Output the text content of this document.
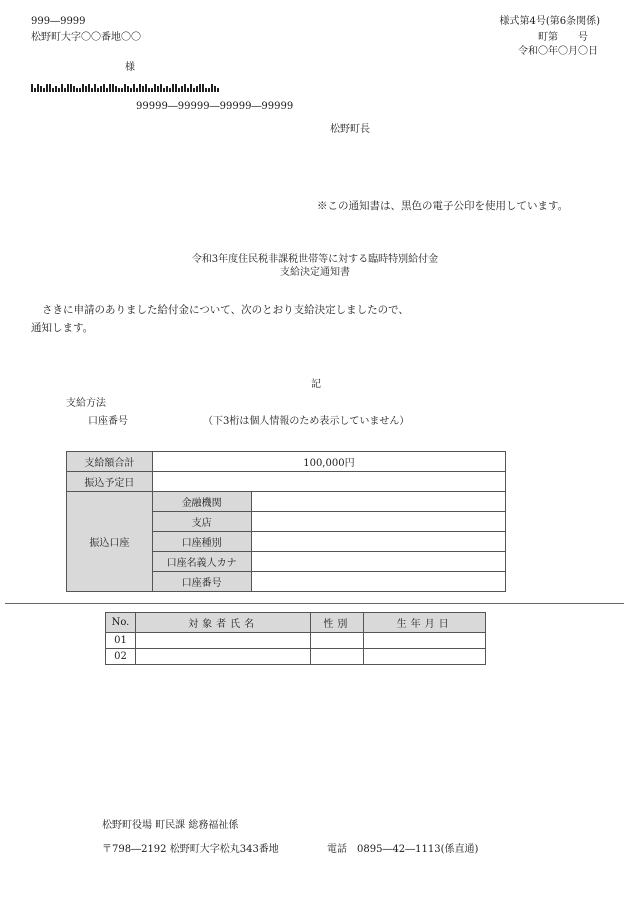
999―9999
松野町大字〇〇番地〇〇
様
99999―99999―99999―99999
様式第4号(第6条関係)
町第　　号
令和〇年〇月〇日
松野町長
※この通知書は、黒色の電子公印を使用しています。
令和3年度住民税非課税世帯等に対する臨時特別給付金
支給決定通知書
さきに申請のありました給付金について、次のとおり支給決定しましたので、
通知します。
記
支給方法
口座番号	（下3桁は個人情報のため表示していません）
支給額合計	100,000円	
振込予定日		
振込口座	金融機関	
	支店	
	口座種別	
	口座名義人カナ	
	口座番号	
No.	対象者氏名	性別	生年月日
01			
02			
松野町役場 町民課 総務福祉係
〒798―2192 松野町大字松丸343番地	電話　0895―42―1113(係直通)
